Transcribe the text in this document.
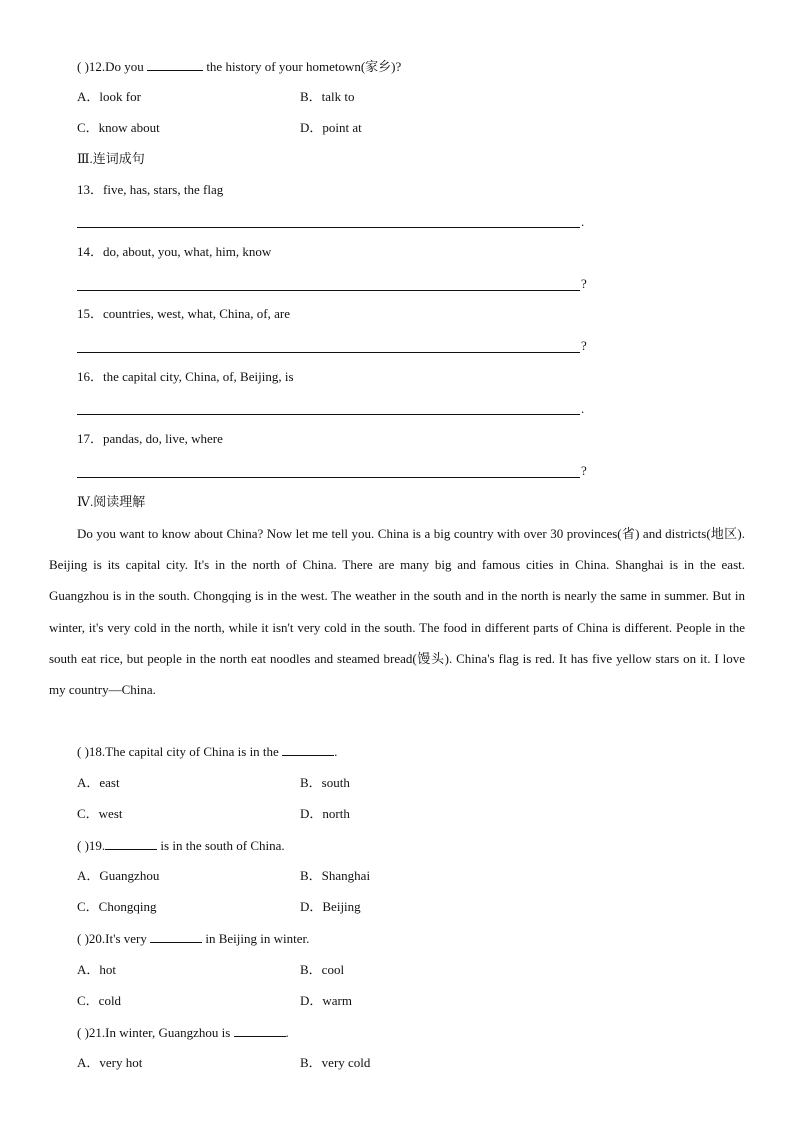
( )12.Do you	the history of your hometown(家乡)?
A．look for	B．talk to
C．know about	D．point at
Ⅲ.连词成句
13．five, has, stars, the flag
.
14．do, about, you, what, him, know
?
15．countries, west, what, China, of, are
?
16．the capital city, China, of, Beijing, is
.
17．pandas, do, live, where
?
Ⅳ.阅读理解
Do you want to know about China? Now let me tell you. China is a big country with over 30 provinces(省) and districts(地区). Beijing is its capital city. It's in the north of China. There are many big and famous cities in China. Shanghai is in the east. Guangzhou is in the south. Chongqing is in the west. The weather in the south and in the north is nearly the same in summer. But in winter, it's very cold in the north, while it isn't very cold in the south. The food in different parts of China is different. People in the south eat rice, but people in the north eat noodles and steamed bread(馒头). China's flag is red. It has five yellow stars on it. I love my country—China.
( )18.The capital city of China is in the	.
A．east	B．south
C．west	D．north
( )19.	is in the south of China.
A．Guangzhou	B．Shanghai
C．Chongqing	D．Beijing
( )20.It's very	in Beijing in winter.
A．hot	B．cool
C．cold	D．warm
( )21.In winter, Guangzhou is	.
A．very hot	B．very cold
